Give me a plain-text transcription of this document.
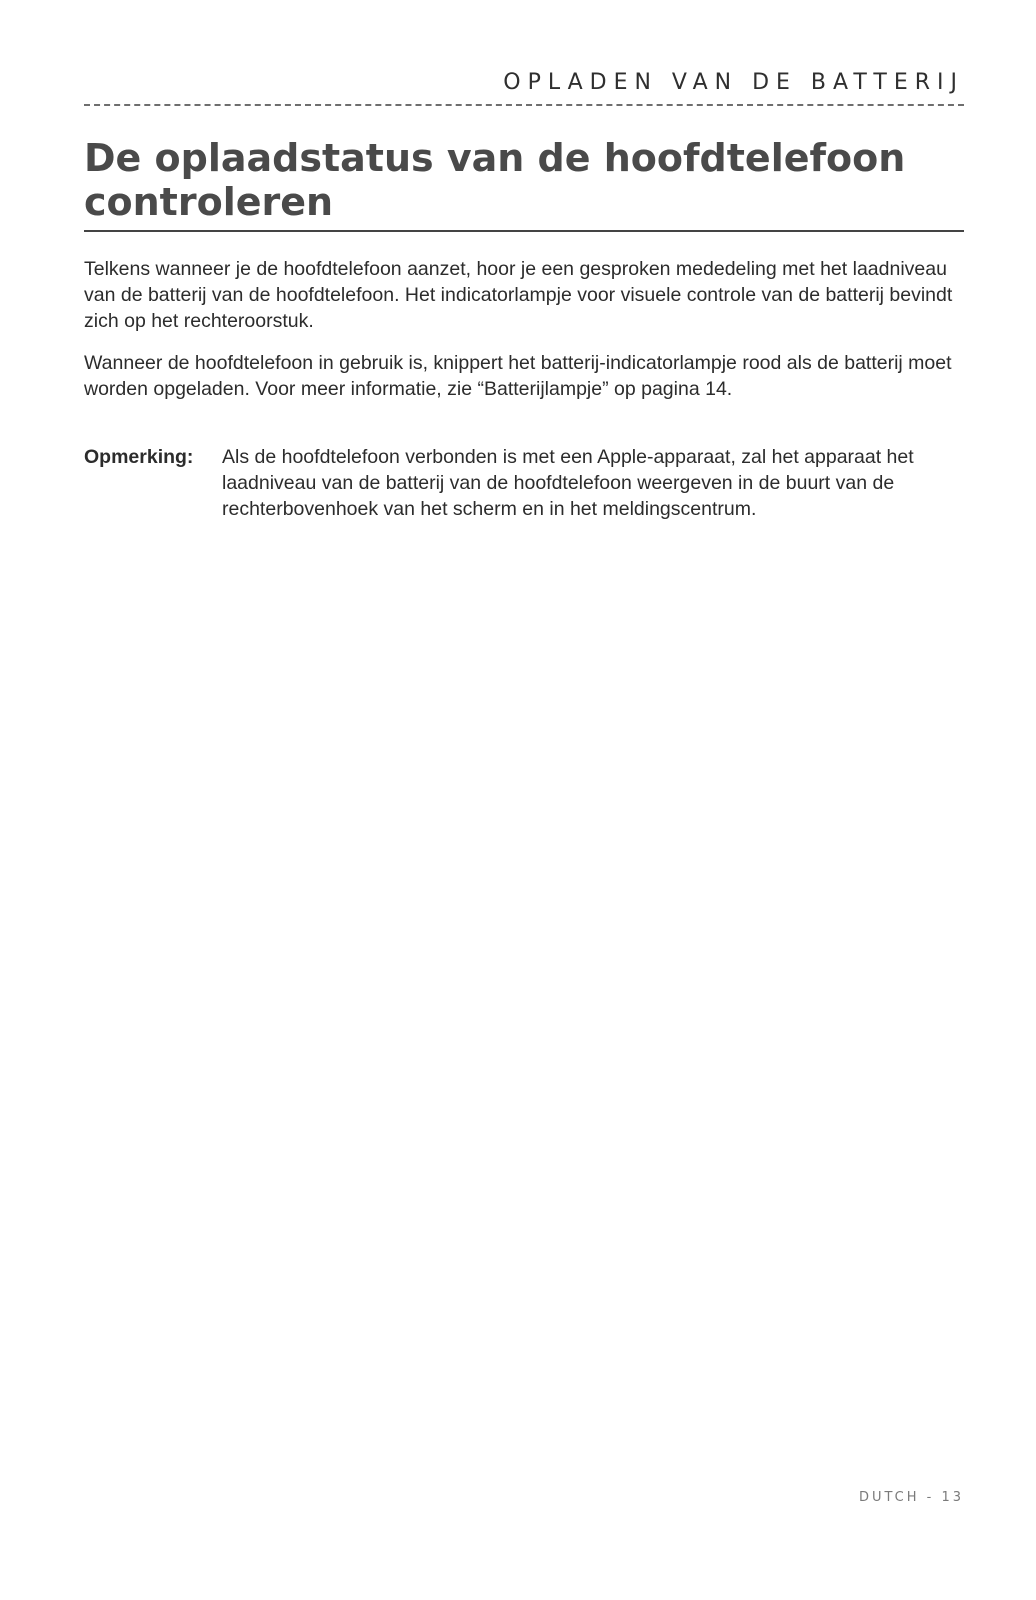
OPLADEN VAN DE BATTERIJ
De oplaadstatus van de hoofdtelefoon controleren

Telkens wanneer je de hoofdtelefoon aanzet, hoor je een gesproken mededeling met het laadniveau van de batterij van de hoofdtelefoon. Het indicatorlampje voor visuele controle van de batterij bevindt zich op het rechteroorstuk.

Wanneer de hoofdtelefoon in gebruik is, knippert het batterij-indicatorlampje rood als de batterij moet worden opgeladen. Voor meer informatie, zie “Batterijlampje” op pagina 14.

Opmerking: Als de hoofdtelefoon verbonden is met een Apple-apparaat, zal het apparaat het laadniveau van de batterij van de hoofdtelefoon weergeven in de buurt van de rechterbovenhoek van het scherm en in het meldingscentrum.

DUTCH - 13
